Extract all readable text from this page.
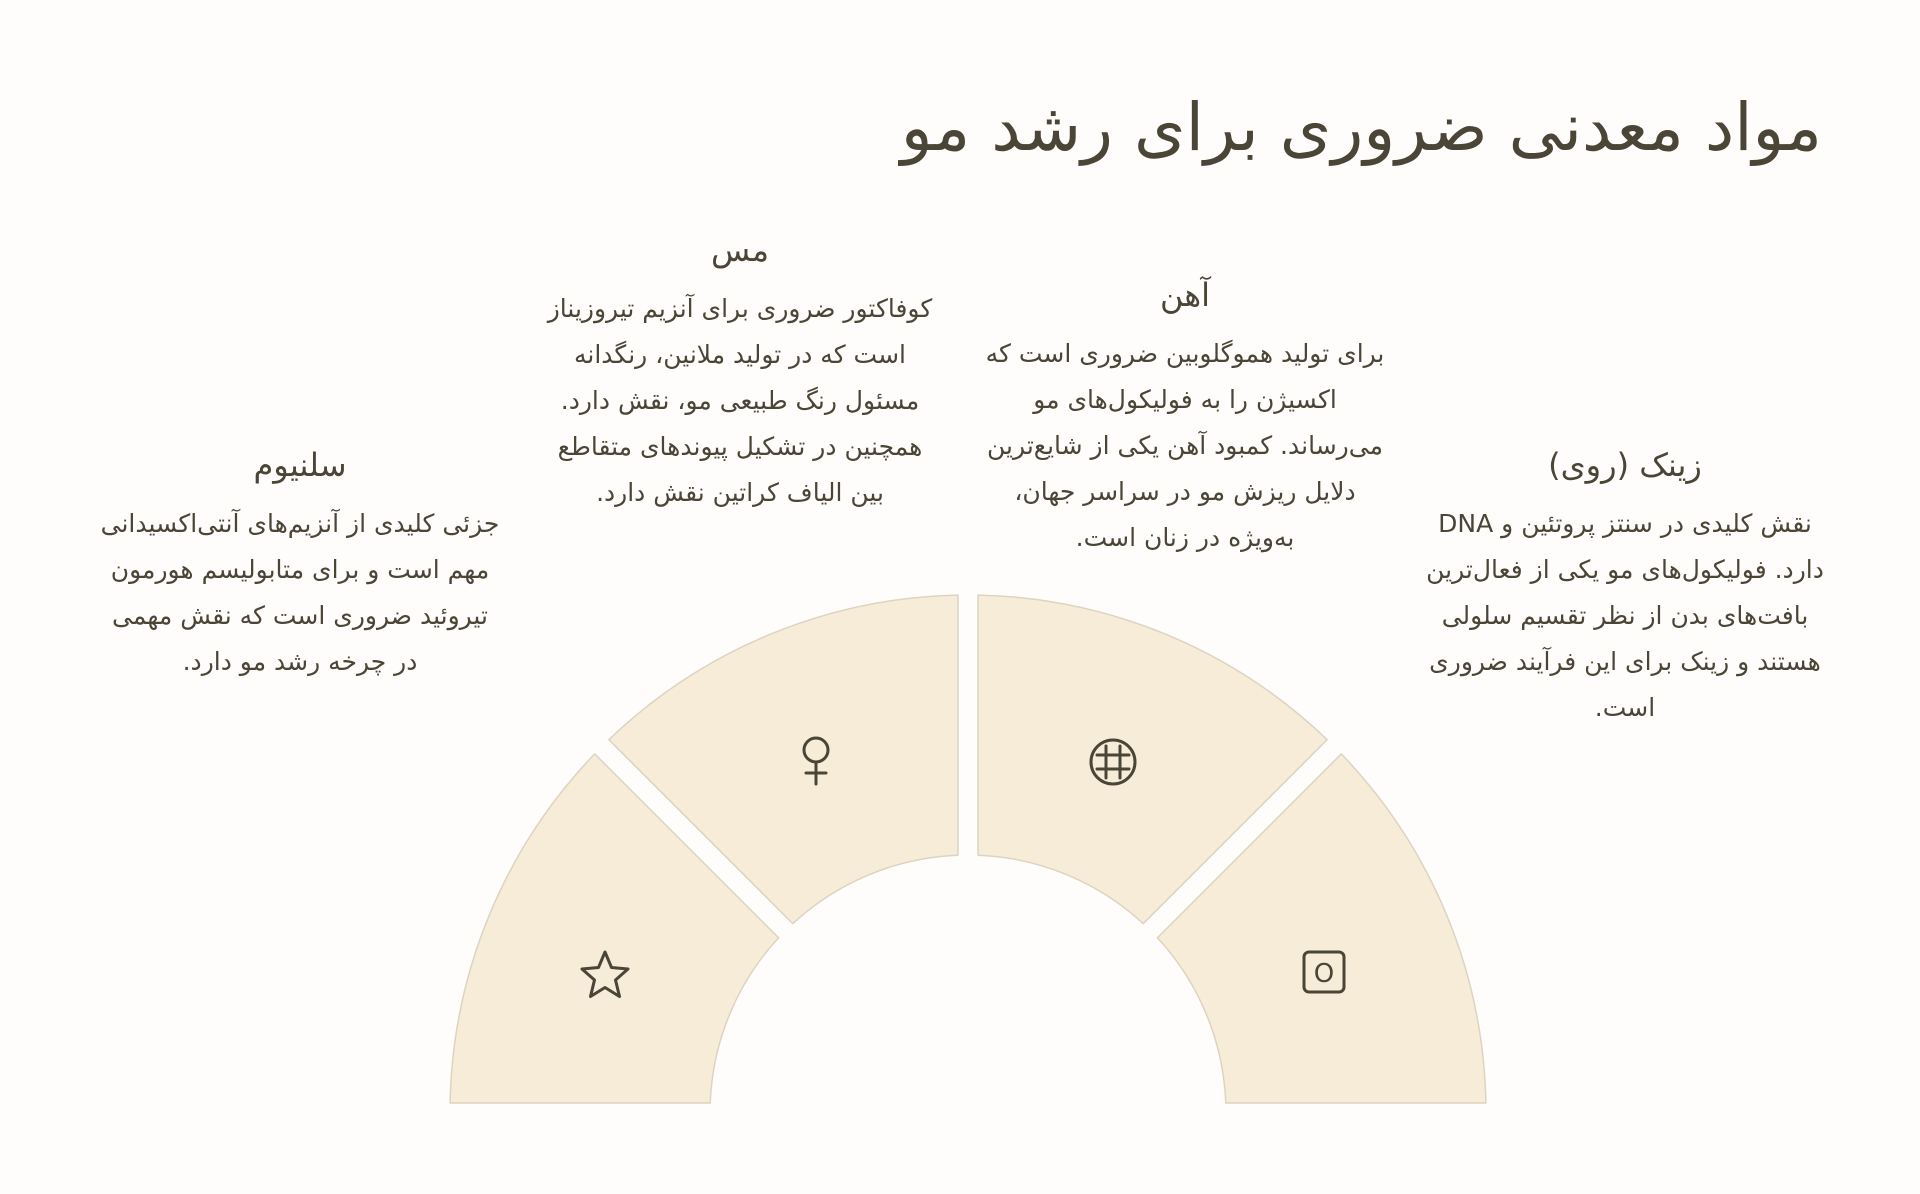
مواد معدنی ضروری برای رشد مو
سلنیوم

جزئی کلیدی از آنزیم‌های آنتی‌اکسیدانی مهم است و برای متابولیسم هورمون تیروئید ضروری است که نقش مهمی در چرخه رشد مو دارد.

مس

کوفاکتور ضروری برای آنزیم تیروزیناز است که در تولید ملانین، رنگدانه مسئول رنگ طبیعی مو، نقش دارد. همچنین در تشکیل پیوندهای متقاطع بین الیاف کراتین نقش دارد.

آهن

برای تولید هموگلوبین ضروری است که اکسیژن را به فولیکول‌های مو می‌رساند. کمبود آهن یکی از شایع‌ترین دلایل ریزش مو در سراسر جهان، به‌ویژه در زنان است.

زینک (روی)

نقش کلیدی در سنتز پروتئین و DNA دارد. فولیکول‌های مو یکی از فعال‌ترین بافت‌های بدن از نظر تقسیم سلولی هستند و زینک برای این فرآیند ضروری است.

O
